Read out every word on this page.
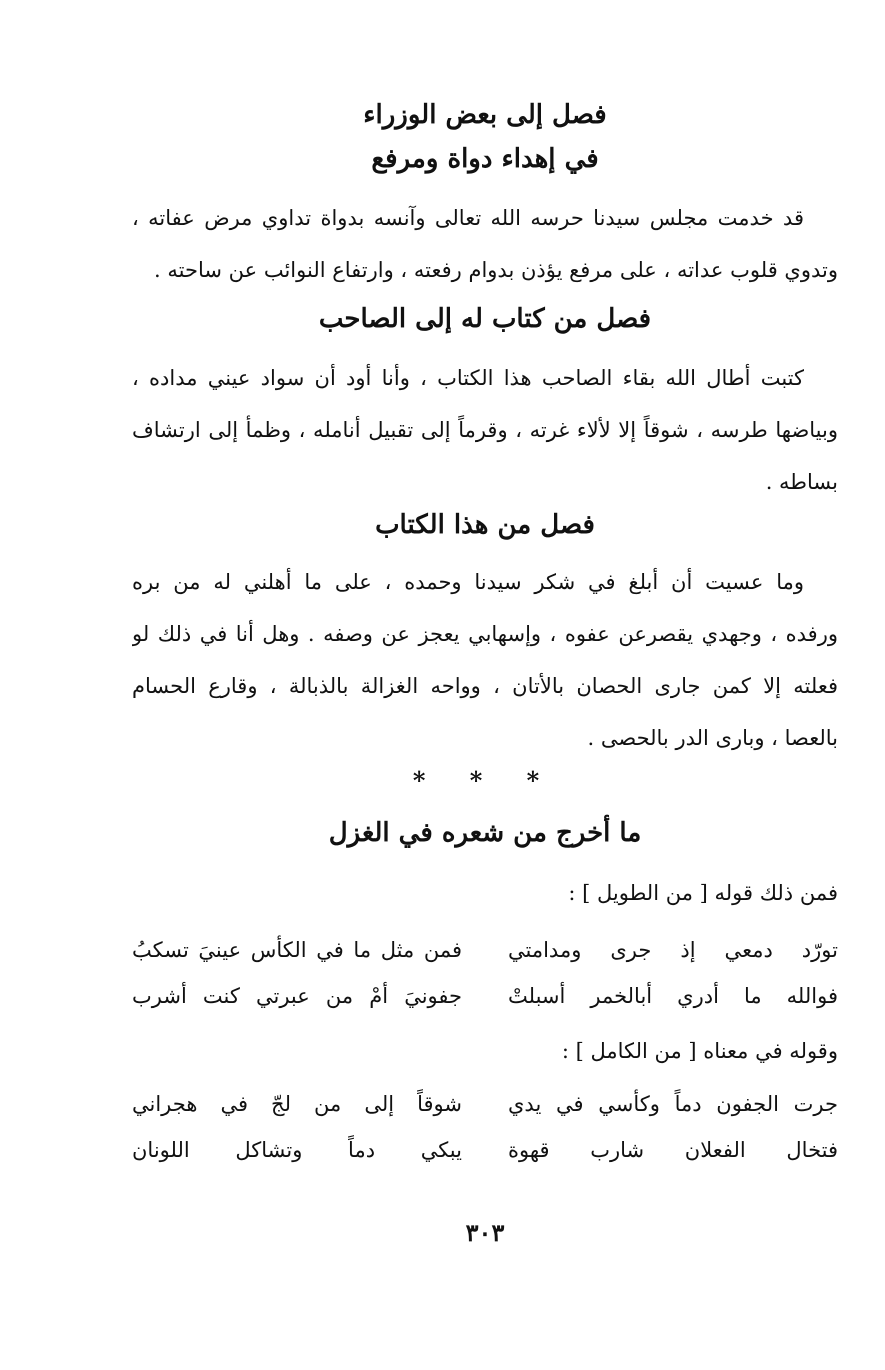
فصل إلى بعض الوزراء
في إهداء دواة ومرفع
قد خدمت مجلس سيدنا حرسه الله تعالى وآنسه بدواة تداوي مرض عفاته ،
وتدوي قلوب عداته ، على مرفع يؤذن بدوام رفعته ، وارتفاع النوائب عن ساحته .
فصل من كتاب له إلى الصاحب
كتبت أطال الله بقاء الصاحب هذا الكتاب ، وأنا أود أن سواد عيني مداده ،
وبياضها طرسه ، شوقاً إلا لألاء غرته ، وقرماً إلى تقبيل أنامله ، وظمأ إلى ارتشاف
بساطه .
فصل من هذا الكتاب
وما عسيت أن أبلغ في شكر سيدنا وحمده ، على ما أهلني له من بره
ورفده ، وجهدي يقصرعن عفوه ، وإسهابي يعجز عن وصفه . وهل أنا في ذلك لو
فعلته إلا كمن جارى الحصان بالأتان ، وواحه الغزالة بالذبالة ، وقارع الحسام
بالعصا ، وبارى الدر بالحصى .
* * *
ما أخرج من شعره في الغزل
فمن ذلك قوله [ من الطويل ] :
تورّد دمعي إذ جرى ومدامتي
فمن مثل ما في الكأس عينيَ تسكبُ
فوالله ما أدري أبالخمر أسبلتْ
جفونيَ أمْ من عبرتي كنت أشرب
وقوله في معناه [ من الكامل ] :
جرت الجفون دماً وكأسي في يدي
شوقاً إلى من لجّ في هجراني
فتخال الفعلان شارب قهوة
يبكي دماً وتشاكل اللونان
٣٠٣
